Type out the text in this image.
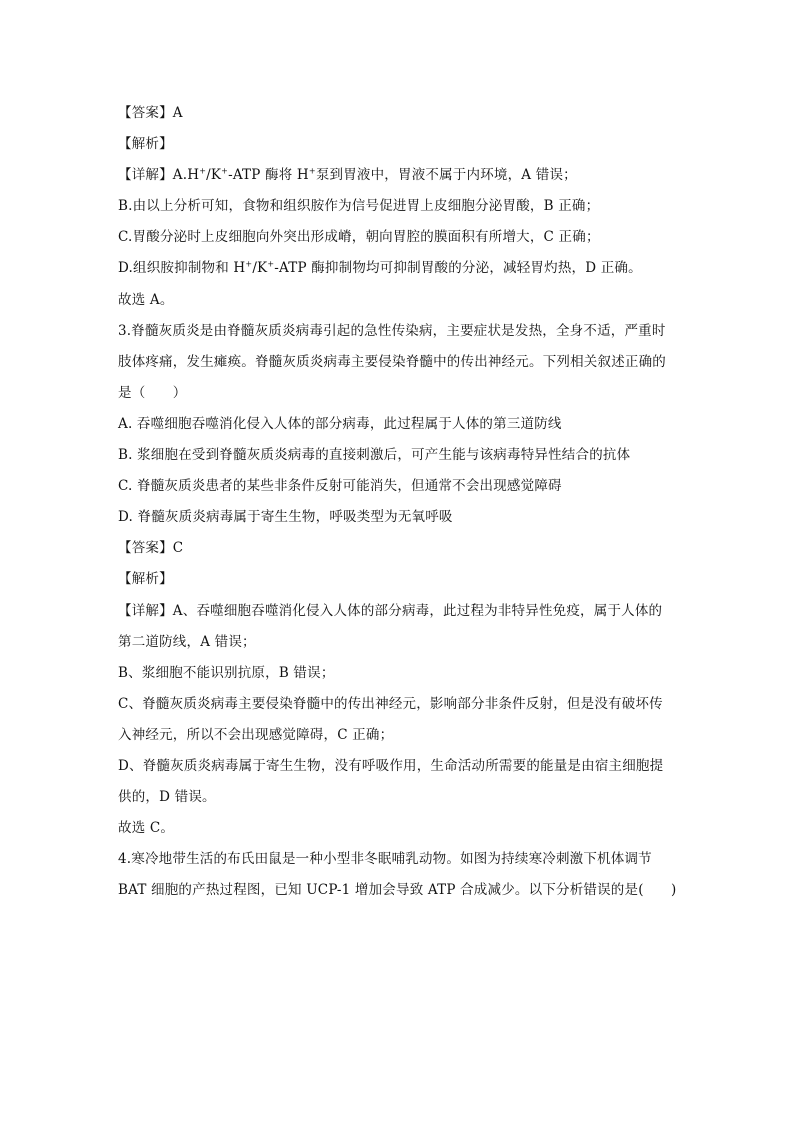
【答案】A
【解析】
【详解】A.H+/K+-ATP 酶将 H+泵到胃液中，胃液不属于内环境，A 错误；
B.由以上分析可知，食物和组织胺作为信号促进胃上皮细胞分泌胃酸，B 正确；
C.胃酸分泌时上皮细胞向外突出形成嵴，朝向胃腔的膜面积有所增大，C 正确；
D.组织胺抑制物和 H+/K+-ATP 酶抑制物均可抑制胃酸的分泌，减轻胃灼热，D 正确。
故选 A。
3.脊髓灰质炎是由脊髓灰质炎病毒引起的急性传染病，主要症状是发热，全身不适，严重时
肢体疼痛，发生瘫痪。脊髓灰质炎病毒主要侵染脊髓中的传出神经元。下列相关叙述正确的
是（　　）
A. 吞噬细胞吞噬消化侵入人体的部分病毒，此过程属于人体的第三道防线
B. 浆细胞在受到脊髓灰质炎病毒的直接刺激后，可产生能与该病毒特异性结合的抗体
C. 脊髓灰质炎患者的某些非条件反射可能消失，但通常不会出现感觉障碍
D. 脊髓灰质炎病毒属于寄生生物，呼吸类型为无氧呼吸
【答案】C
【解析】
【详解】A、吞噬细胞吞噬消化侵入人体的部分病毒，此过程为非特异性免疫，属于人体的
第二道防线，A 错误；
B、浆细胞不能识别抗原，B 错误；
C、脊髓灰质炎病毒主要侵染脊髓中的传出神经元，影响部分非条件反射，但是没有破坏传
入神经元，所以不会出现感觉障碍，C 正确；
D、脊髓灰质炎病毒属于寄生生物，没有呼吸作用，生命活动所需要的能量是由宿主细胞提
供的，D 错误。
故选 C。
4.寒冷地带生活的布氏田鼠是一种小型非冬眠哺乳动物。如图为持续寒冷刺激下机体调节
BAT 细胞的产热过程图，已知 UCP-1 增加会导致 ATP 合成减少。以下分析错误的是(　　)
